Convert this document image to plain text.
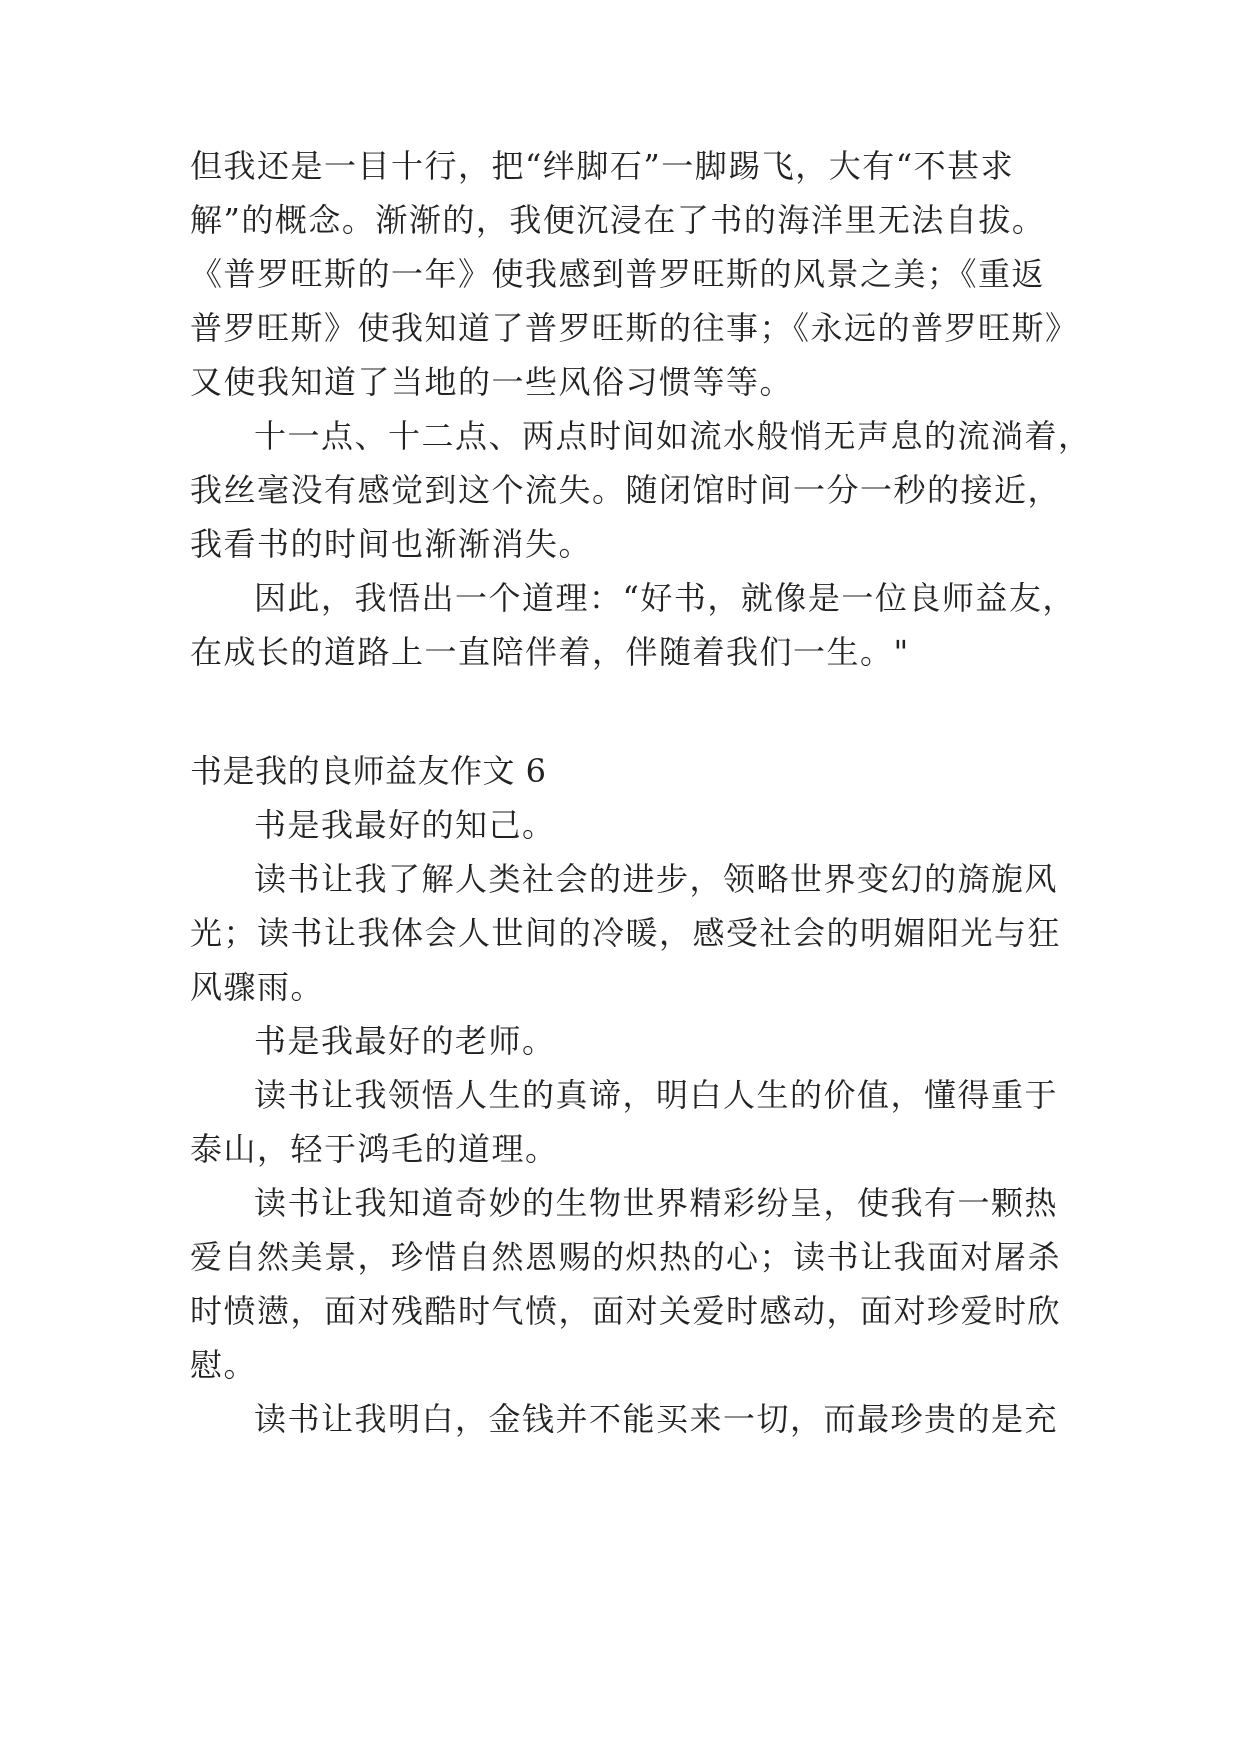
但我还是一目十行，把“绊脚石”一脚踢飞，大有“不甚求
解”的概念。渐渐的，我便沉浸在了书的海洋里无法自拔。
《普罗旺斯的一年》使我感到普罗旺斯的风景之美；《重返
普罗旺斯》使我知道了普罗旺斯的往事；《永远的普罗旺斯》
又使我知道了当地的一些风俗习惯等等。
十一点、十二点、两点时间如流水般悄无声息的流淌着，
我丝毫没有感觉到这个流失。随闭馆时间一分一秒的接近，
我看书的时间也渐渐消失。
因此，我悟出一个道理：“好书，就像是一位良师益友，
在成长的道路上一直陪伴着，伴随着我们一生。"
书是我的良师益友作文 6
书是我最好的知己。
读书让我了解人类社会的进步，领略世界变幻的旖旎风
光；读书让我体会人世间的冷暖，感受社会的明媚阳光与狂
风骤雨。
书是我最好的老师。
读书让我领悟人生的真谛，明白人生的价值，懂得重于
泰山，轻于鸿毛的道理。
读书让我知道奇妙的生物世界精彩纷呈，使我有一颗热
爱自然美景，珍惜自然恩赐的炽热的心；读书让我面对屠杀
时愤懑，面对残酷时气愤，面对关爱时感动，面对珍爱时欣
慰。
读书让我明白，金钱并不能买来一切，而最珍贵的是充
